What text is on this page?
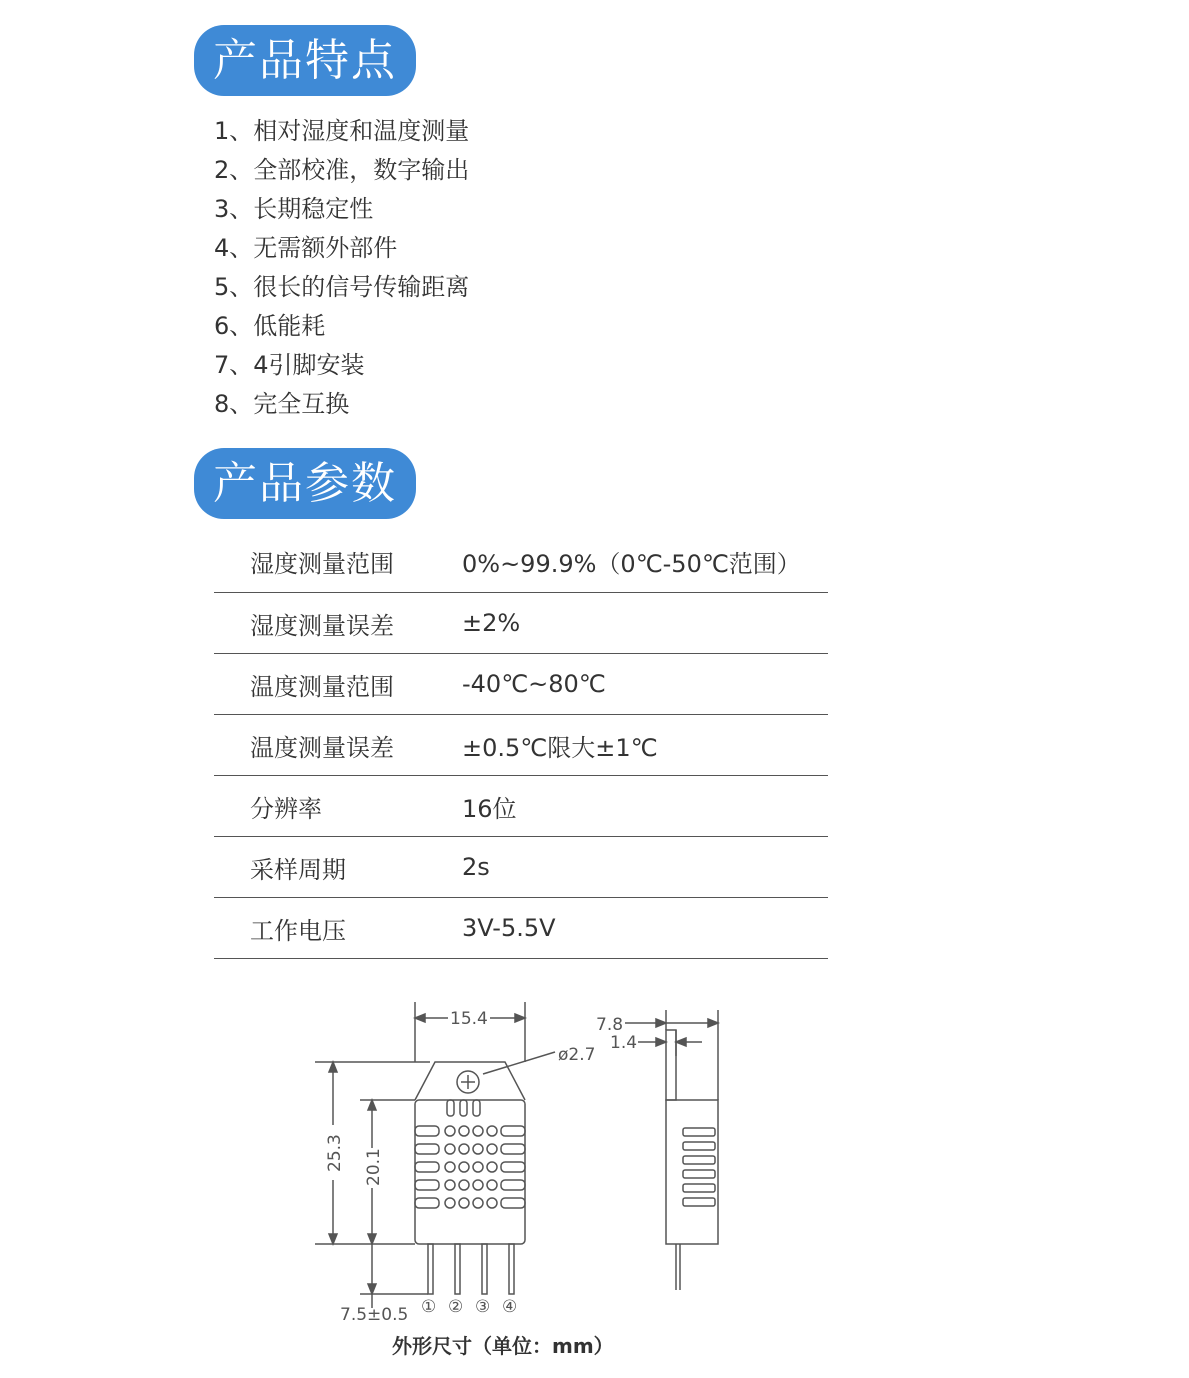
产品特点
1、相对湿度和温度测量
2、全部校准，数字输出
3、长期稳定性
4、无需额外部件
5、很长的信号传输距离
6、低能耗
7、4引脚安装
8、完全互换
产品参数
湿度测量范围	0%~99.9%（0℃-50℃范围）
湿度测量误差	±2%
温度测量范围	-40℃~80℃
温度测量误差	±0.5℃限大±1℃
分辨率	16位
采样周期	2s
工作电压	3V-5.5V
15.4
ø2.7
25.3 20.1
7.5±0.5 ① ② ③ ④
7.8
1.4
外形尺寸（单位：mm）
